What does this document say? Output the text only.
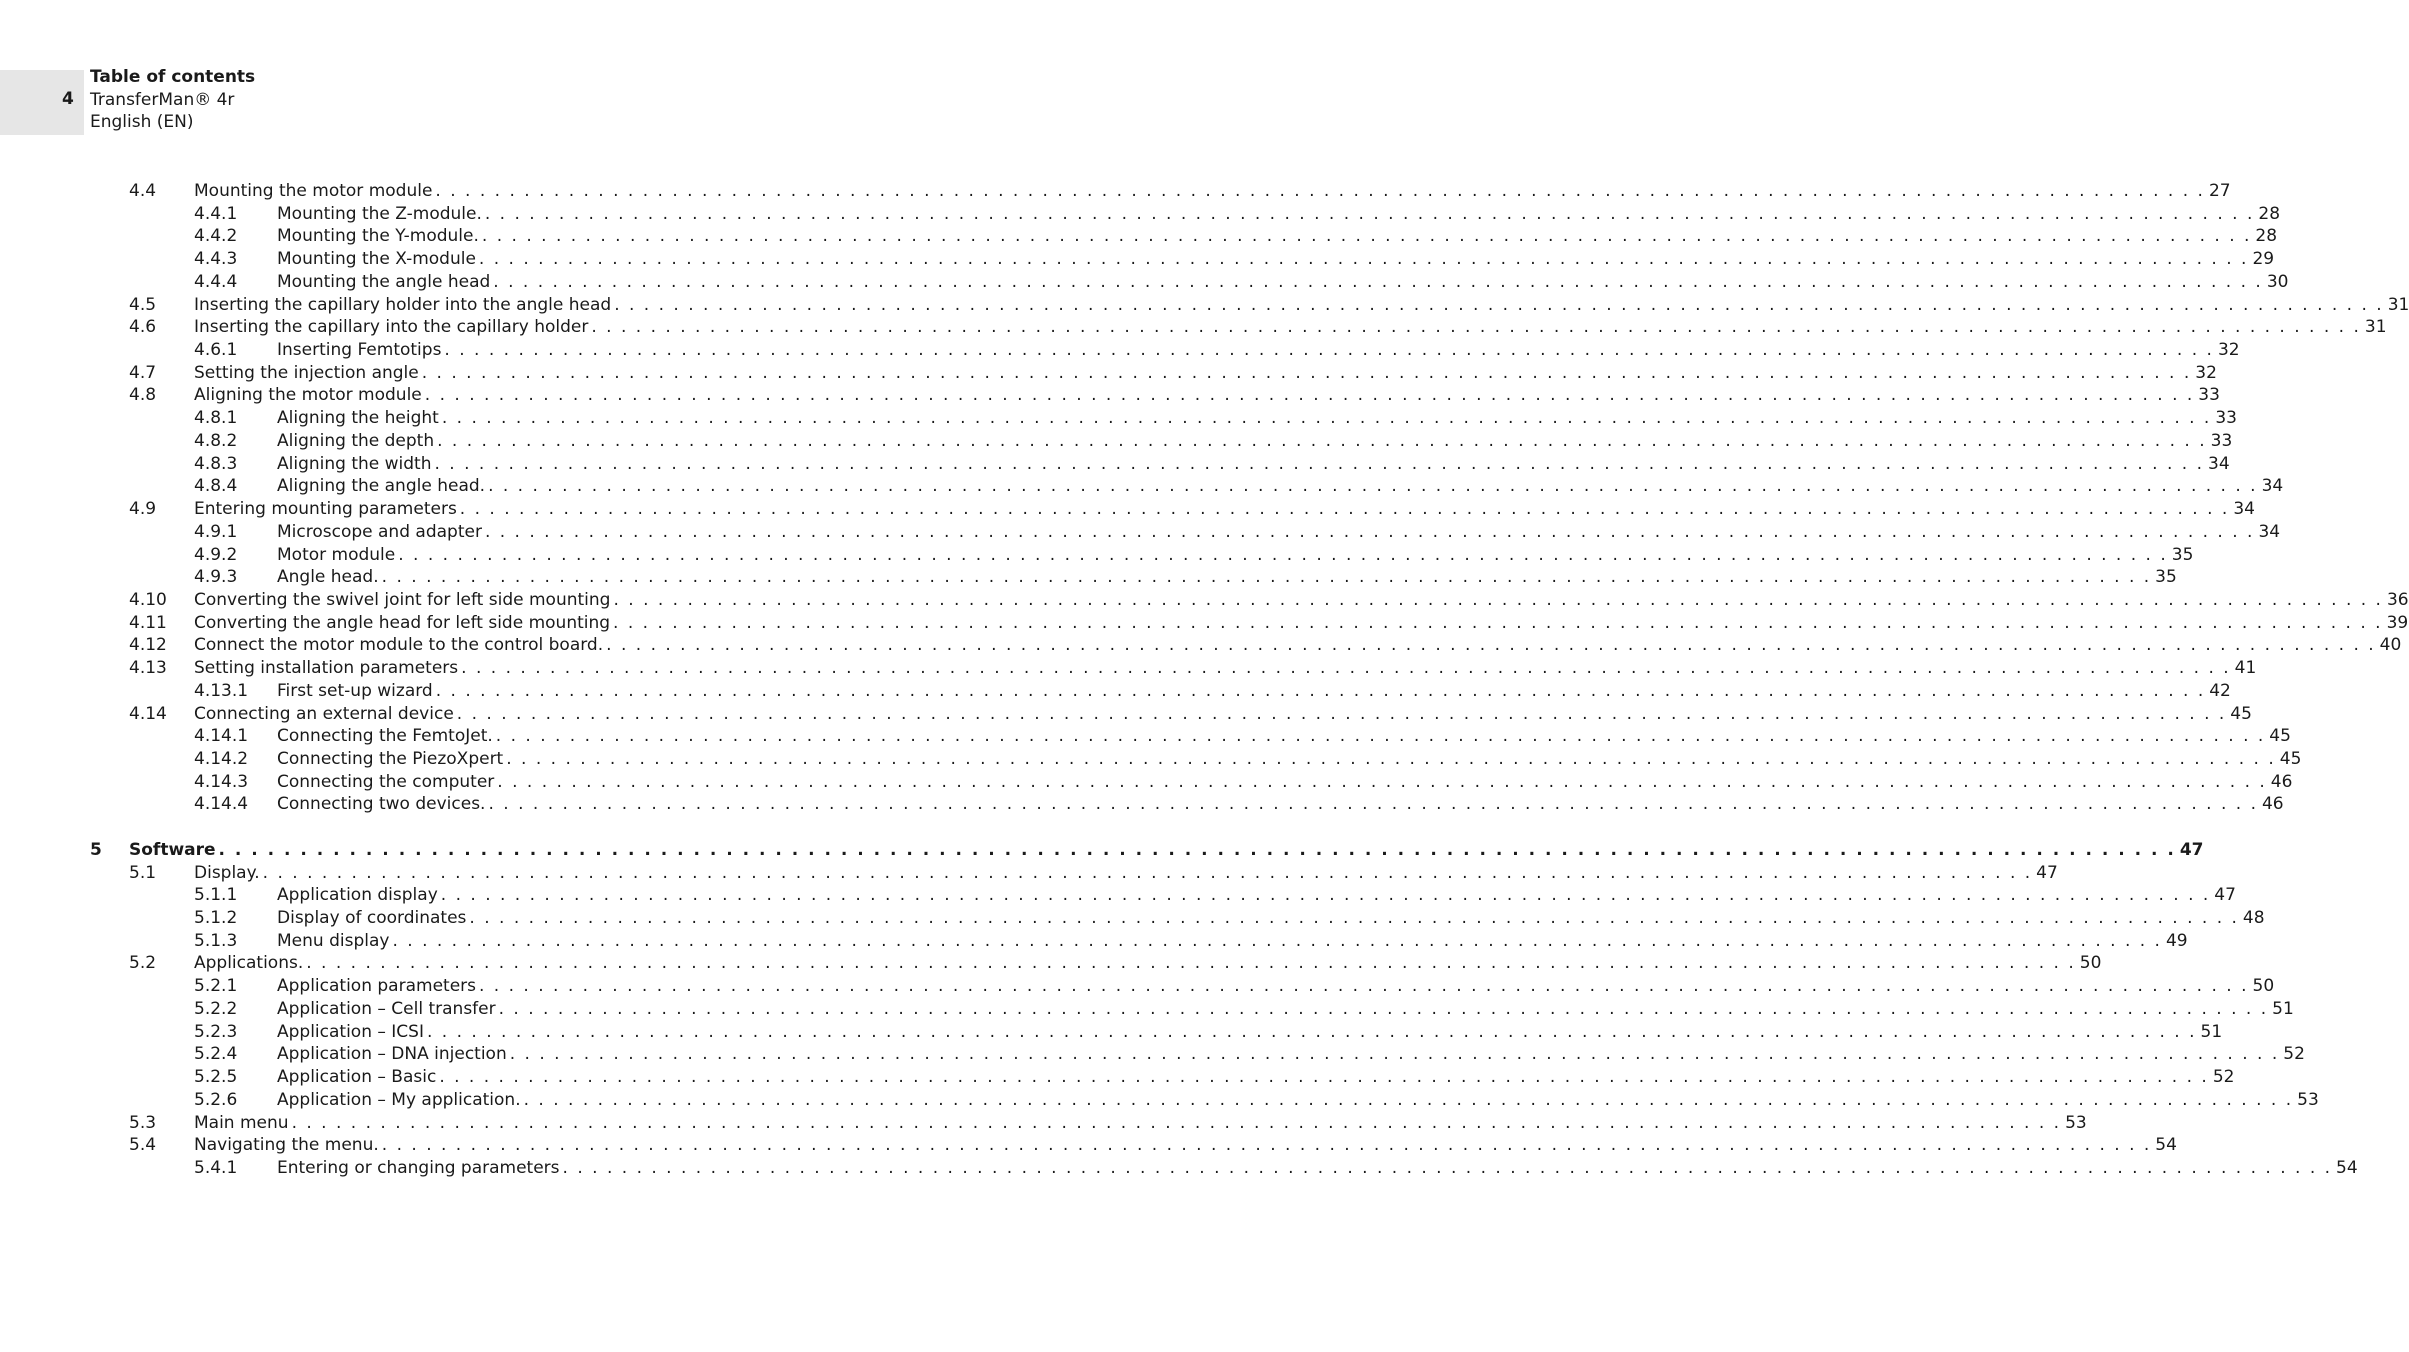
4
Table of contents
TransferMan® 4r
English (EN)
4.4 Mounting the motor module . . . . . . . . . . . . . . . . . . . . . . . . . . . . . . . . . . . . . . . . . . . . . . . . . . . . . . . . . . . . . . . . . . . . . . . . . . . . . . . . . . . . . . . . . . . . . . . . . . . . . . . . . . . . . . . . . . . . . . . . 27
4.4.1 Mounting the Z-module. . . . . . . . . . . . . . . . . . . . . . . . . . . . . . . . . . . . . . . . . . . . . . . . . . . . . . . . . . . . . . . . . . . . . . . . . . . . . . . . . . . . . . . . . . . . . . . . . . . . . . . . . . . . . . . . . . . . . . . . . 28
4.4.2 Mounting the Y-module. . . . . . . . . . . . . . . . . . . . . . . . . . . . . . . . . . . . . . . . . . . . . . . . . . . . . . . . . . . . . . . . . . . . . . . . . . . . . . . . . . . . . . . . . . . . . . . . . . . . . . . . . . . . . . . . . . . . . . . . . 28
4.4.3 Mounting the X-module . . . . . . . . . . . . . . . . . . . . . . . . . . . . . . . . . . . . . . . . . . . . . . . . . . . . . . . . . . . . . . . . . . . . . . . . . . . . . . . . . . . . . . . . . . . . . . . . . . . . . . . . . . . . . . . . . . . . . . . . 29
4.4.4 Mounting the angle head . . . . . . . . . . . . . . . . . . . . . . . . . . . . . . . . . . . . . . . . . . . . . . . . . . . . . . . . . . . . . . . . . . . . . . . . . . . . . . . . . . . . . . . . . . . . . . . . . . . . . . . . . . . . . . . . . . . . . . . . 30
4.5 Inserting the capillary holder into the angle head . . . . . . . . . . . . . . . . . . . . . . . . . . . . . . . . . . . . . . . . . . . . . . . . . . . . . . . . . . . . . . . . . . . . . . . . . . . . . . . . . . . . . . . . . . . . . . . . . . . . . . . . . . . . . . . . . . . . . . . . 31
4.6 Inserting the capillary into the capillary holder . . . . . . . . . . . . . . . . . . . . . . . . . . . . . . . . . . . . . . . . . . . . . . . . . . . . . . . . . . . . . . . . . . . . . . . . . . . . . . . . . . . . . . . . . . . . . . . . . . . . . . . . . . . . . . . . . . . . . . . . 31
4.6.1 Inserting Femtotips . . . . . . . . . . . . . . . . . . . . . . . . . . . . . . . . . . . . . . . . . . . . . . . . . . . . . . . . . . . . . . . . . . . . . . . . . . . . . . . . . . . . . . . . . . . . . . . . . . . . . . . . . . . . . . . . . . . . . . . . 32
4.7 Setting the injection angle . . . . . . . . . . . . . . . . . . . . . . . . . . . . . . . . . . . . . . . . . . . . . . . . . . . . . . . . . . . . . . . . . . . . . . . . . . . . . . . . . . . . . . . . . . . . . . . . . . . . . . . . . . . . . . . . . . . . . . . . 32
4.8 Aligning the motor module . . . . . . . . . . . . . . . . . . . . . . . . . . . . . . . . . . . . . . . . . . . . . . . . . . . . . . . . . . . . . . . . . . . . . . . . . . . . . . . . . . . . . . . . . . . . . . . . . . . . . . . . . . . . . . . . . . . . . . . . 33
4.8.1 Aligning the height . . . . . . . . . . . . . . . . . . . . . . . . . . . . . . . . . . . . . . . . . . . . . . . . . . . . . . . . . . . . . . . . . . . . . . . . . . . . . . . . . . . . . . . . . . . . . . . . . . . . . . . . . . . . . . . . . . . . . . . . 33
4.8.2 Aligning the depth . . . . . . . . . . . . . . . . . . . . . . . . . . . . . . . . . . . . . . . . . . . . . . . . . . . . . . . . . . . . . . . . . . . . . . . . . . . . . . . . . . . . . . . . . . . . . . . . . . . . . . . . . . . . . . . . . . . . . . . . 33
4.8.3 Aligning the width . . . . . . . . . . . . . . . . . . . . . . . . . . . . . . . . . . . . . . . . . . . . . . . . . . . . . . . . . . . . . . . . . . . . . . . . . . . . . . . . . . . . . . . . . . . . . . . . . . . . . . . . . . . . . . . . . . . . . . . . 34
4.8.4 Aligning the angle head. . . . . . . . . . . . . . . . . . . . . . . . . . . . . . . . . . . . . . . . . . . . . . . . . . . . . . . . . . . . . . . . . . . . . . . . . . . . . . . . . . . . . . . . . . . . . . . . . . . . . . . . . . . . . . . . . . . . . . . . . 34
4.9 Entering mounting parameters . . . . . . . . . . . . . . . . . . . . . . . . . . . . . . . . . . . . . . . . . . . . . . . . . . . . . . . . . . . . . . . . . . . . . . . . . . . . . . . . . . . . . . . . . . . . . . . . . . . . . . . . . . . . . . . . . . . . . . . . 34
4.9.1 Microscope and adapter . . . . . . . . . . . . . . . . . . . . . . . . . . . . . . . . . . . . . . . . . . . . . . . . . . . . . . . . . . . . . . . . . . . . . . . . . . . . . . . . . . . . . . . . . . . . . . . . . . . . . . . . . . . . . . . . . . . . . . . . 34
4.9.2 Motor module . . . . . . . . . . . . . . . . . . . . . . . . . . . . . . . . . . . . . . . . . . . . . . . . . . . . . . . . . . . . . . . . . . . . . . . . . . . . . . . . . . . . . . . . . . . . . . . . . . . . . . . . . . . . . . . . . . . . . . . . 35
4.9.3 Angle head. . . . . . . . . . . . . . . . . . . . . . . . . . . . . . . . . . . . . . . . . . . . . . . . . . . . . . . . . . . . . . . . . . . . . . . . . . . . . . . . . . . . . . . . . . . . . . . . . . . . . . . . . . . . . . . . . . . . . . . . . 35
4.10 Converting the swivel joint for left side mounting . . . . . . . . . . . . . . . . . . . . . . . . . . . . . . . . . . . . . . . . . . . . . . . . . . . . . . . . . . . . . . . . . . . . . . . . . . . . . . . . . . . . . . . . . . . . . . . . . . . . . . . . . . . . . . . . . . . . . . . . 36
4.11 Converting the angle head for left side mounting . . . . . . . . . . . . . . . . . . . . . . . . . . . . . . . . . . . . . . . . . . . . . . . . . . . . . . . . . . . . . . . . . . . . . . . . . . . . . . . . . . . . . . . . . . . . . . . . . . . . . . . . . . . . . . . . . . . . . . . . 39
4.12 Connect the motor module to the control board. . . . . . . . . . . . . . . . . . . . . . . . . . . . . . . . . . . . . . . . . . . . . . . . . . . . . . . . . . . . . . . . . . . . . . . . . . . . . . . . . . . . . . . . . . . . . . . . . . . . . . . . . . . . . . . . . . . . . . . . . 40
4.13 Setting installation parameters . . . . . . . . . . . . . . . . . . . . . . . . . . . . . . . . . . . . . . . . . . . . . . . . . . . . . . . . . . . . . . . . . . . . . . . . . . . . . . . . . . . . . . . . . . . . . . . . . . . . . . . . . . . . . . . . . . . . . . . . 41
4.13.1 First set-up wizard . . . . . . . . . . . . . . . . . . . . . . . . . . . . . . . . . . . . . . . . . . . . . . . . . . . . . . . . . . . . . . . . . . . . . . . . . . . . . . . . . . . . . . . . . . . . . . . . . . . . . . . . . . . . . . . . . . . . . . . . 42
4.14 Connecting an external device . . . . . . . . . . . . . . . . . . . . . . . . . . . . . . . . . . . . . . . . . . . . . . . . . . . . . . . . . . . . . . . . . . . . . . . . . . . . . . . . . . . . . . . . . . . . . . . . . . . . . . . . . . . . . . . . . . . . . . . . 45
4.14.1 Connecting the FemtoJet. . . . . . . . . . . . . . . . . . . . . . . . . . . . . . . . . . . . . . . . . . . . . . . . . . . . . . . . . . . . . . . . . . . . . . . . . . . . . . . . . . . . . . . . . . . . . . . . . . . . . . . . . . . . . . . . . . . . . . . . . 45
4.14.2 Connecting the PiezoXpert . . . . . . . . . . . . . . . . . . . . . . . . . . . . . . . . . . . . . . . . . . . . . . . . . . . . . . . . . . . . . . . . . . . . . . . . . . . . . . . . . . . . . . . . . . . . . . . . . . . . . . . . . . . . . . . . . . . . . . . . 45
4.14.3 Connecting the computer . . . . . . . . . . . . . . . . . . . . . . . . . . . . . . . . . . . . . . . . . . . . . . . . . . . . . . . . . . . . . . . . . . . . . . . . . . . . . . . . . . . . . . . . . . . . . . . . . . . . . . . . . . . . . . . . . . . . . . . . 46
4.14.4 Connecting two devices. . . . . . . . . . . . . . . . . . . . . . . . . . . . . . . . . . . . . . . . . . . . . . . . . . . . . . . . . . . . . . . . . . . . . . . . . . . . . . . . . . . . . . . . . . . . . . . . . . . . . . . . . . . . . . . . . . . . . . . . . 46
5 Software . . . . . . . . . . . . . . . . . . . . . . . . . . . . . . . . . . . . . . . . . . . . . . . . . . . . . . . . . . . . . . . . . . . . . . . . . . . . . . . . . . . . . . . . . . . . . . . . . . . . . . . . . . . . . . . . . . . . . . . . 47
5.1 Display. . . . . . . . . . . . . . . . . . . . . . . . . . . . . . . . . . . . . . . . . . . . . . . . . . . . . . . . . . . . . . . . . . . . . . . . . . . . . . . . . . . . . . . . . . . . . . . . . . . . . . . . . . . . . . . . . . . . . . . . . 47
5.1.1 Application display . . . . . . . . . . . . . . . . . . . . . . . . . . . . . . . . . . . . . . . . . . . . . . . . . . . . . . . . . . . . . . . . . . . . . . . . . . . . . . . . . . . . . . . . . . . . . . . . . . . . . . . . . . . . . . . . . . . . . . . . 47
5.1.2 Display of coordinates . . . . . . . . . . . . . . . . . . . . . . . . . . . . . . . . . . . . . . . . . . . . . . . . . . . . . . . . . . . . . . . . . . . . . . . . . . . . . . . . . . . . . . . . . . . . . . . . . . . . . . . . . . . . . . . . . . . . . . . . 48
5.1.3 Menu display . . . . . . . . . . . . . . . . . . . . . . . . . . . . . . . . . . . . . . . . . . . . . . . . . . . . . . . . . . . . . . . . . . . . . . . . . . . . . . . . . . . . . . . . . . . . . . . . . . . . . . . . . . . . . . . . . . . . . . . . 49
5.2 Applications. . . . . . . . . . . . . . . . . . . . . . . . . . . . . . . . . . . . . . . . . . . . . . . . . . . . . . . . . . . . . . . . . . . . . . . . . . . . . . . . . . . . . . . . . . . . . . . . . . . . . . . . . . . . . . . . . . . . . . . . . 50
5.2.1 Application parameters . . . . . . . . . . . . . . . . . . . . . . . . . . . . . . . . . . . . . . . . . . . . . . . . . . . . . . . . . . . . . . . . . . . . . . . . . . . . . . . . . . . . . . . . . . . . . . . . . . . . . . . . . . . . . . . . . . . . . . . . 50
5.2.2 Application – Cell transfer . . . . . . . . . . . . . . . . . . . . . . . . . . . . . . . . . . . . . . . . . . . . . . . . . . . . . . . . . . . . . . . . . . . . . . . . . . . . . . . . . . . . . . . . . . . . . . . . . . . . . . . . . . . . . . . . . . . . . . . . 51
5.2.3 Application – ICSI . . . . . . . . . . . . . . . . . . . . . . . . . . . . . . . . . . . . . . . . . . . . . . . . . . . . . . . . . . . . . . . . . . . . . . . . . . . . . . . . . . . . . . . . . . . . . . . . . . . . . . . . . . . . . . . . . . . . . . . . 51
5.2.4 Application – DNA injection . . . . . . . . . . . . . . . . . . . . . . . . . . . . . . . . . . . . . . . . . . . . . . . . . . . . . . . . . . . . . . . . . . . . . . . . . . . . . . . . . . . . . . . . . . . . . . . . . . . . . . . . . . . . . . . . . . . . . . . . 52
5.2.5 Application – Basic . . . . . . . . . . . . . . . . . . . . . . . . . . . . . . . . . . . . . . . . . . . . . . . . . . . . . . . . . . . . . . . . . . . . . . . . . . . . . . . . . . . . . . . . . . . . . . . . . . . . . . . . . . . . . . . . . . . . . . . . 52
5.2.6 Application – My application. . . . . . . . . . . . . . . . . . . . . . . . . . . . . . . . . . . . . . . . . . . . . . . . . . . . . . . . . . . . . . . . . . . . . . . . . . . . . . . . . . . . . . . . . . . . . . . . . . . . . . . . . . . . . . . . . . . . . . . . . 53
5.3 Main menu . . . . . . . . . . . . . . . . . . . . . . . . . . . . . . . . . . . . . . . . . . . . . . . . . . . . . . . . . . . . . . . . . . . . . . . . . . . . . . . . . . . . . . . . . . . . . . . . . . . . . . . . . . . . . . . . . . . . . . . . 53
5.4 Navigating the menu. . . . . . . . . . . . . . . . . . . . . . . . . . . . . . . . . . . . . . . . . . . . . . . . . . . . . . . . . . . . . . . . . . . . . . . . . . . . . . . . . . . . . . . . . . . . . . . . . . . . . . . . . . . . . . . . . . . . . . . . . 54
5.4.1 Entering or changing parameters . . . . . . . . . . . . . . . . . . . . . . . . . . . . . . . . . . . . . . . . . . . . . . . . . . . . . . . . . . . . . . . . . . . . . . . . . . . . . . . . . . . . . . . . . . . . . . . . . . . . . . . . . . . . . . . . . . . . . . . . 54
